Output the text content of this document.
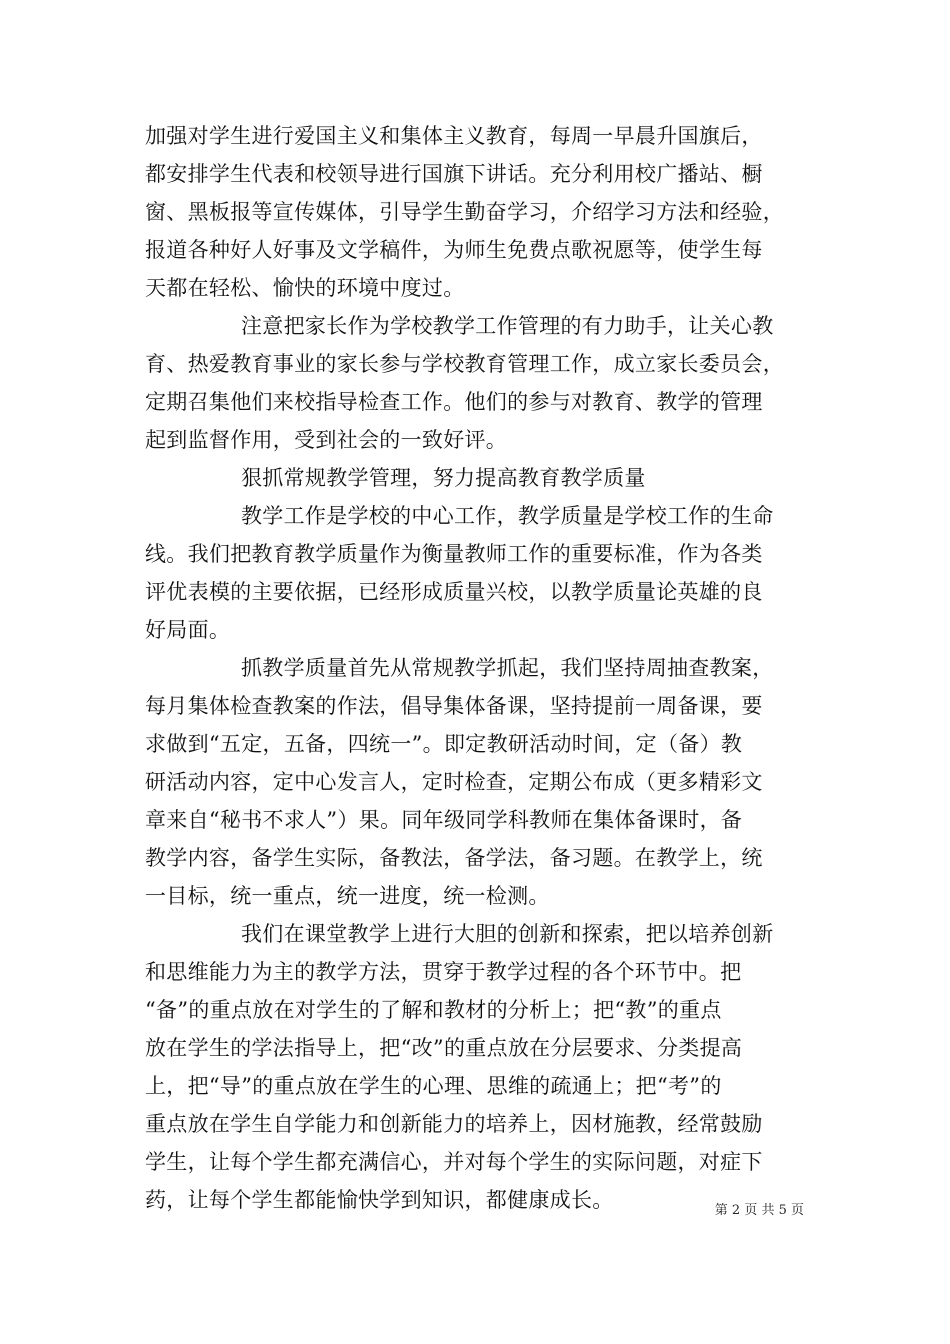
加强对学生进行爱国主义和集体主义教育，每周一早晨升国旗后，
都安排学生代表和校领导进行国旗下讲话。充分利用校广播站、橱
窗、黑板报等宣传媒体，引导学生勤奋学习，介绍学习方法和经验，
报道各种好人好事及文学稿件，为师生免费点歌祝愿等，使学生每
天都在轻松、愉快的环境中度过。
注意把家长作为学校教学工作管理的有力助手，让关心教
育、热爱教育事业的家长参与学校教育管理工作，成立家长委员会，
定期召集他们来校指导检查工作。他们的参与对教育、教学的管理
起到监督作用，受到社会的一致好评。
狠抓常规教学管理，努力提高教育教学质量
教学工作是学校的中心工作，教学质量是学校工作的生命
线。我们把教育教学质量作为衡量教师工作的重要标准，作为各类
评优表模的主要依据，已经形成质量兴校，以教学质量论英雄的良
好局面。
抓教学质量首先从常规教学抓起，我们坚持周抽查教案，
每月集体检查教案的作法，倡导集体备课，坚持提前一周备课，要
求做到“五定，五备，四统一”。即定教研活动时间，定（备）教
研活动内容，定中心发言人，定时检查，定期公布成（更多精彩文
章来自“秘书不求人”）果。同年级同学科教师在集体备课时，备
教学内容，备学生实际，备教法，备学法，备习题。在教学上，统
一目标，统一重点，统一进度，统一检测。
我们在课堂教学上进行大胆的创新和探索，把以培养创新
和思维能力为主的教学方法，贯穿于教学过程的各个环节中。把
“备”的重点放在对学生的了解和教材的分析上；把“教”的重点
放在学生的学法指导上，把“改”的重点放在分层要求、分类提高
上，把“导”的重点放在学生的心理、思维的疏通上；把“考”的
重点放在学生自学能力和创新能力的培养上，因材施教，经常鼓励
学生，让每个学生都充满信心，并对每个学生的实际问题，对症下
药，让每个学生都能愉快学到知识，都健康成长。	第 2 页 共 5 页
